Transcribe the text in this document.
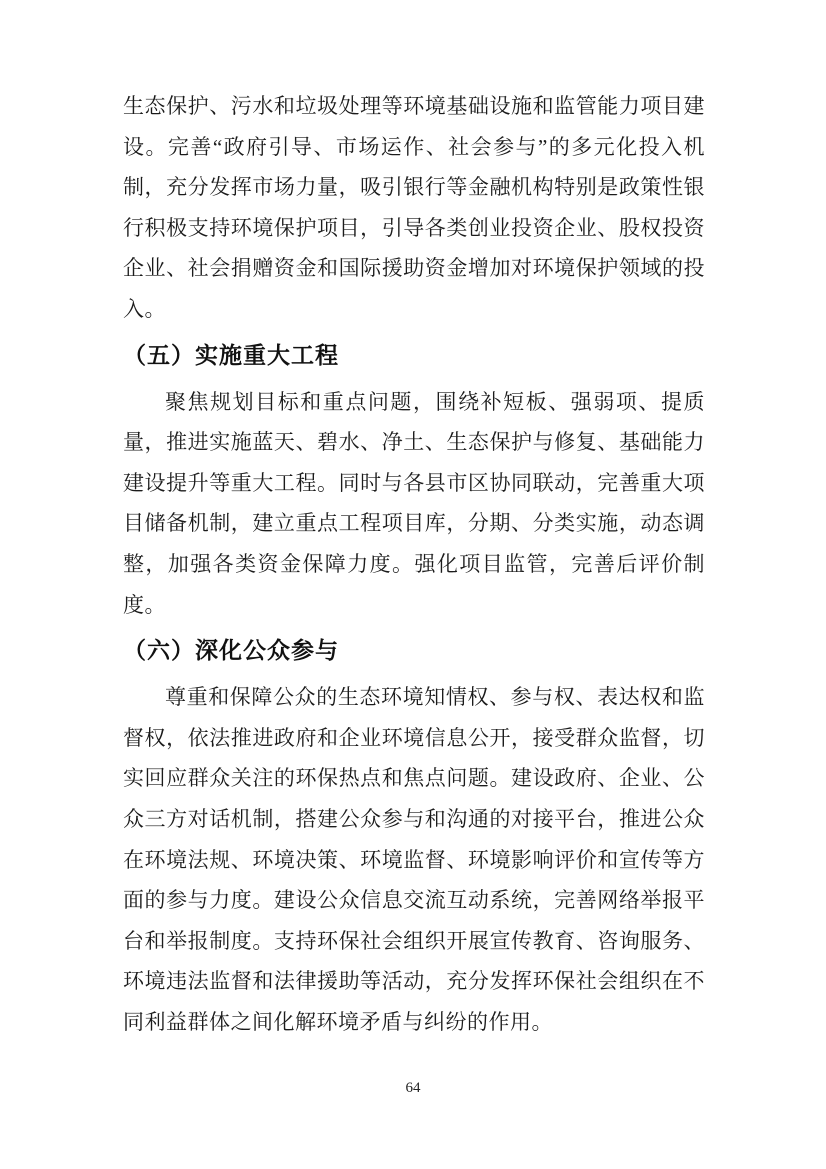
生态保护、污水和垃圾处理等环境基础设施和监管能力项目建设。完善“政府引导、市场运作、社会参与”的多元化投入机制，充分发挥市场力量，吸引银行等金融机构特别是政策性银行积极支持环境保护项目，引导各类创业投资企业、股权投资企业、社会捐赠资金和国际援助资金增加对环境保护领域的投入。

（五）实施重大工程

聚焦规划目标和重点问题，围绕补短板、强弱项、提质量，推进实施蓝天、碧水、净土、生态保护与修复、基础能力建设提升等重大工程。同时与各县市区协同联动，完善重大项目储备机制，建立重点工程项目库，分期、分类实施，动态调整，加强各类资金保障力度。强化项目监管，完善后评价制度。

（六）深化公众参与

尊重和保障公众的生态环境知情权、参与权、表达权和监督权，依法推进政府和企业环境信息公开，接受群众监督，切实回应群众关注的环保热点和焦点问题。建设政府、企业、公众三方对话机制，搭建公众参与和沟通的对接平台，推进公众在环境法规、环境决策、环境监督、环境影响评价和宣传等方面的参与力度。建设公众信息交流互动系统，完善网络举报平台和举报制度。支持环保社会组织开展宣传教育、咨询服务、环境违法监督和法律援助等活动，充分发挥环保社会组织在不同利益群体之间化解环境矛盾与纠纷的作用。

64
